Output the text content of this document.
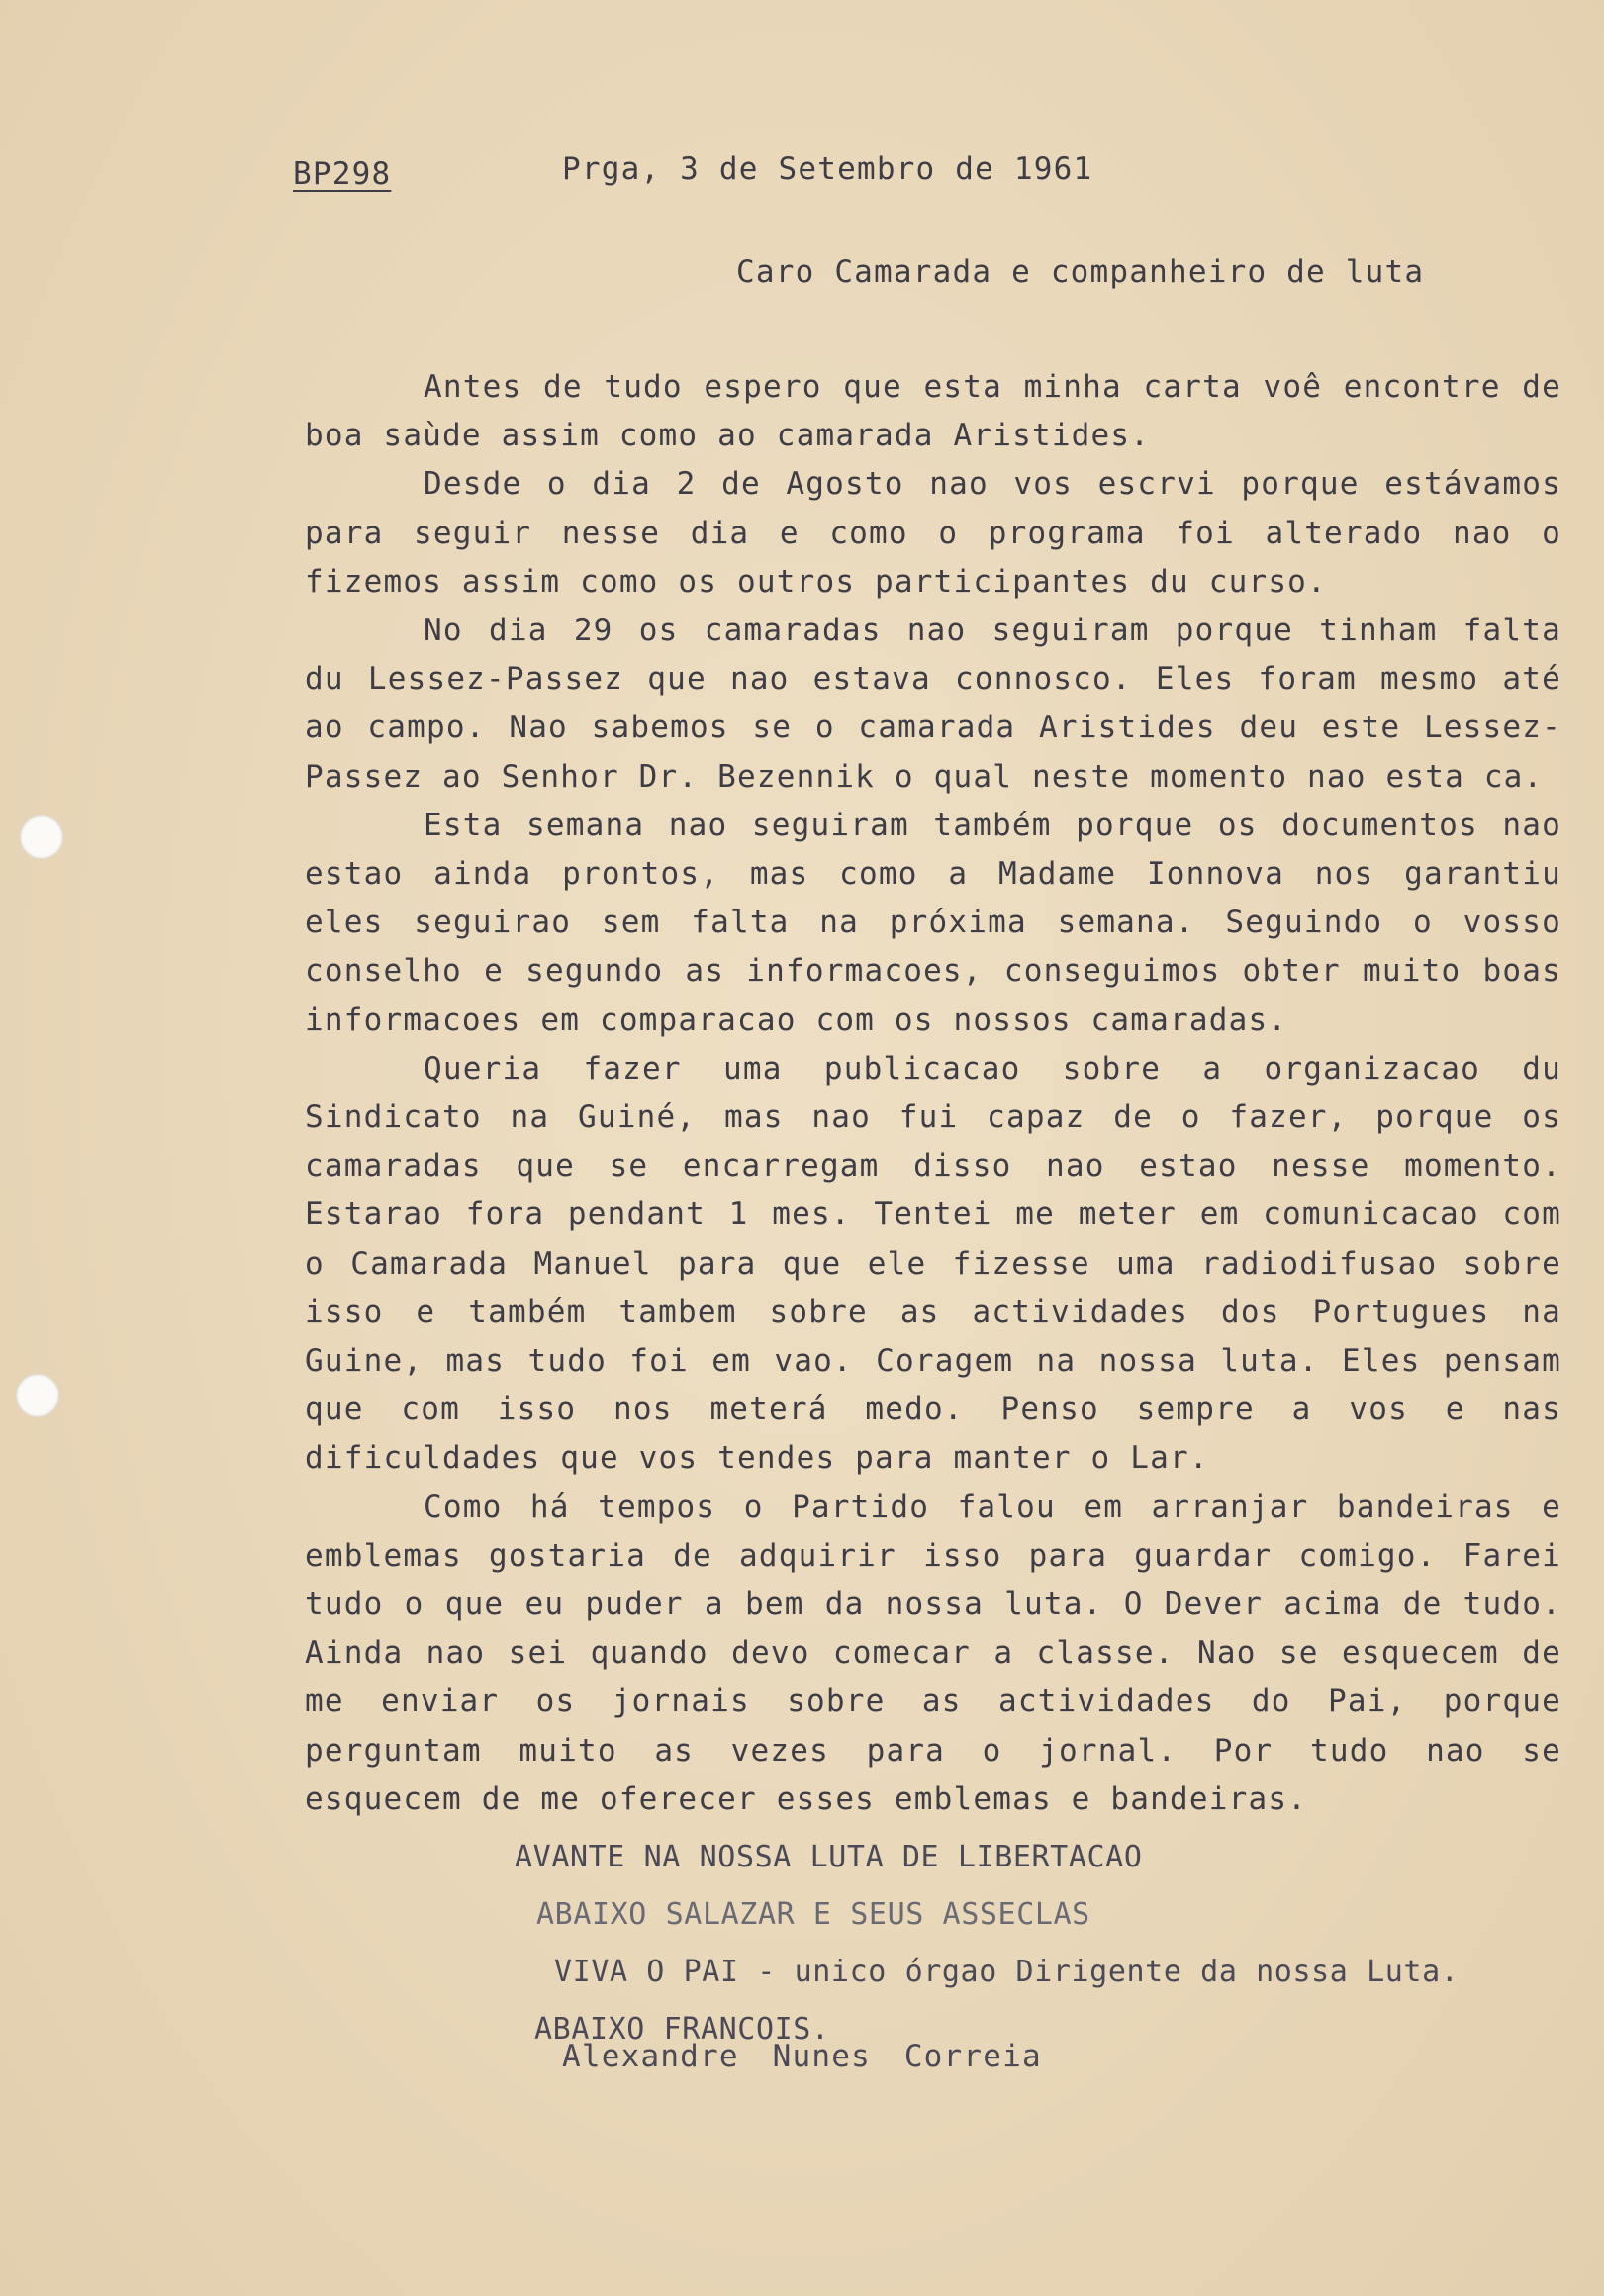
BP298	Prga, 3 de Setembro de 1961
Caro Camarada e companheiro de luta

Antes de tudo espero que esta minha carta voê encontre de boa saùde assim como ao camarada Aristides.

Desde o dia 2 de Agosto nao vos escrvi porque estávamos para seguir nesse dia e como o programa foi alterado nao o fizemos assim como os outros participantes du curso.

No dia 29 os camaradas nao seguiram porque tinham falta du Lessez-Passez que nao estava connosco. Eles foram mesmo até ao campo. Nao sabemos se o camarada Aristides deu este Lessez-Passez ao Senhor Dr. Bezennik o qual neste momento nao esta ca.

Esta semana nao seguiram também porque os documentos nao estao ainda prontos, mas como a Madame Ionnova nos garantiu eles seguirao sem falta na próxima semana. Seguindo o vosso conselho e segundo as informacoes, conseguimos obter muito boas informacoes em comparacao com os nossos camaradas.

Queria fazer uma publicacao sobre a organizacao du Sindicato na Guiné, mas nao fui capaz de o fazer, porque os camaradas que se encarregam disso nao estao nesse momento. Estarao fora pendant 1 mes. Tentei me meter em comunicacao com o Camarada Manuel para que ele fizesse uma radiodifusao sobre isso e também tambem sobre as actividades dos Portugues na Guine, mas tudo foi em vao. Coragem na nossa luta. Eles pensam que com isso nos meterá medo. Penso sempre a vos e nas dificuldades que vos tendes para manter o Lar.

Como há tempos o Partido falou em arranjar bandeiras e emblemas gostaria de adquirir isso para guardar comigo. Farei tudo o que eu puder a bem da nossa luta. O Dever acima de tudo. Ainda nao sei quando devo comecar a classe. Nao se esquecem de me enviar os jornais sobre as actividades do Pai, porque perguntam muito as vezes para o jornal. Por tudo nao se esquecem de me oferecer esses emblemas e bandeiras.

AVANTE NA NOSSA LUTA DE LIBERTACAO
ABAIXO SALAZAR E SEUS ASSECLAS
VIVA O PAI - unico órgao Dirigente da nossa Luta.
ABAIXO FRANCOIS.
Alexandre Nunes Correia
